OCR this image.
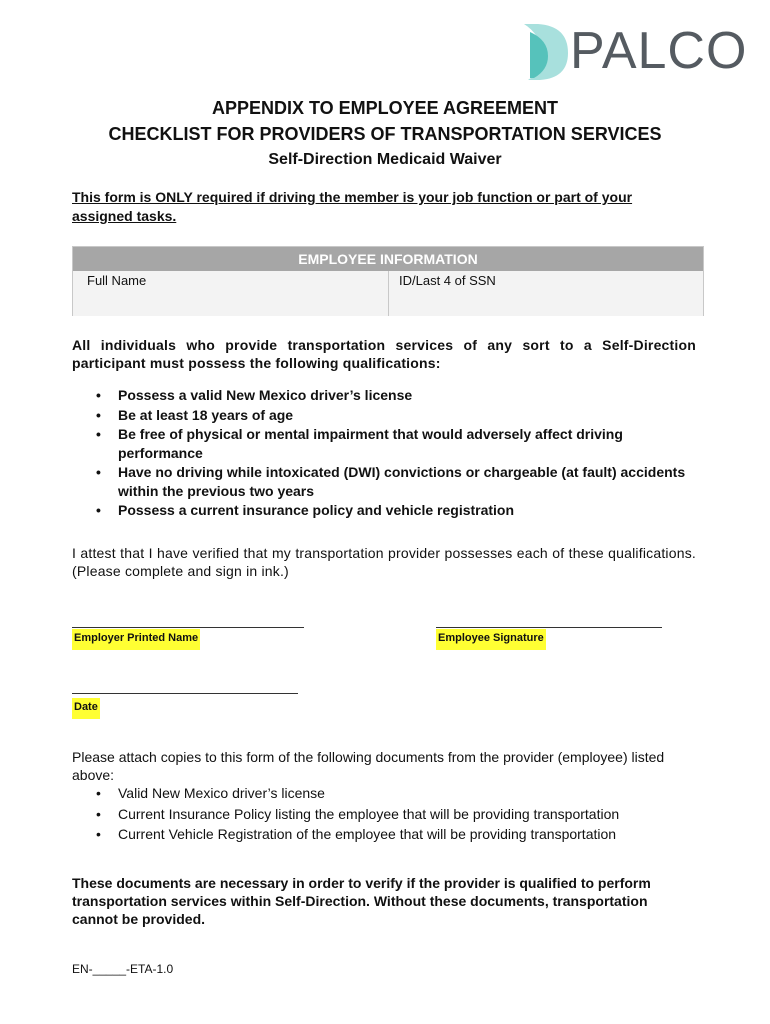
PALCO
APPENDIX TO EMPLOYEE AGREEMENT
CHECKLIST FOR PROVIDERS OF TRANSPORTATION SERVICES
Self-Direction Medicaid Waiver
This form is ONLY required if driving the member is your job function or part of your assigned tasks.
EMPLOYEE INFORMATION
Full Name	ID/Last 4 of SSN
All individuals who provide transportation services of any sort to a Self-Direction participant must possess the following qualifications:
• Possess a valid New Mexico driver’s license
• Be at least 18 years of age
• Be free of physical or mental impairment that would adversely affect driving performance
• Have no driving while intoxicated (DWI) convictions or chargeable (at fault) accidents within the previous two years
• Possess a current insurance policy and vehicle registration
I attest that I have verified that my transportation provider possesses each of these qualifications. (Please complete and sign in ink.)
Employer Printed Name	Employee Signature
Date
Please attach copies to this form of the following documents from the provider (employee) listed above:
• Valid New Mexico driver’s license
• Current Insurance Policy listing the employee that will be providing transportation
• Current Vehicle Registration of the employee that will be providing transportation
These documents are necessary in order to verify if the provider is qualified to perform transportation services within Self-Direction. Without these documents, transportation cannot be provided.
EN-_____-ETA-1.0
